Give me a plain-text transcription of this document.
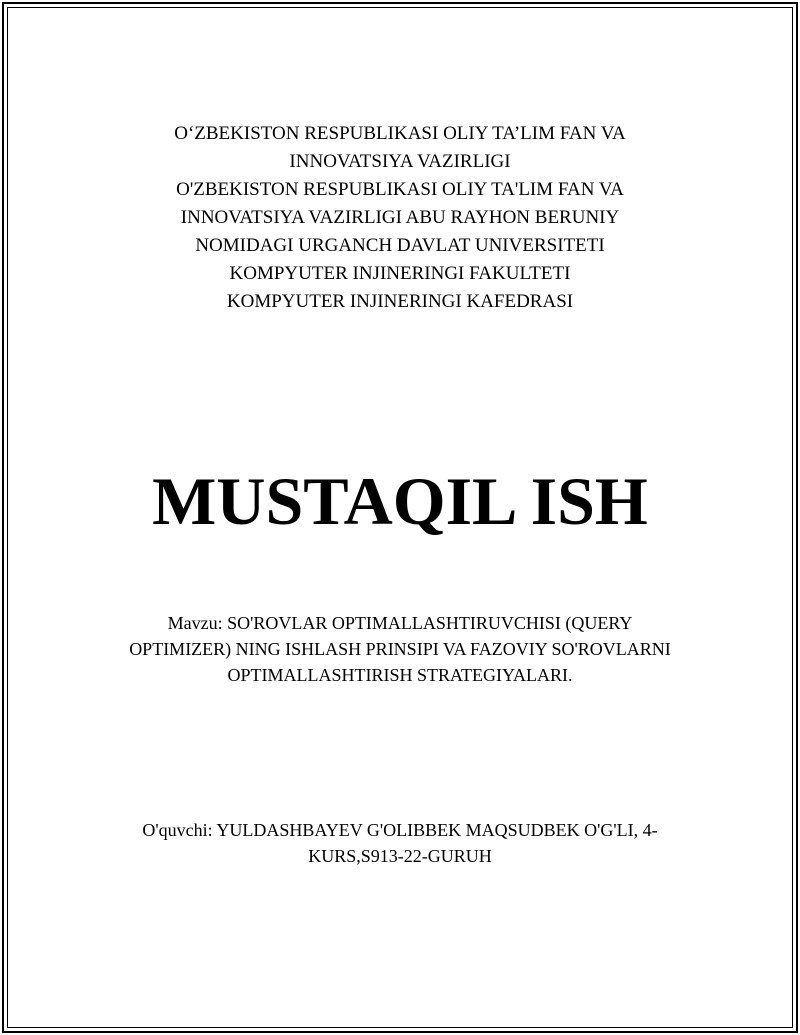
O‘ZBEKISTON RESPUBLIKASI OLIY TA’LIM FAN VA
INNOVATSIYA VAZIRLIGI
O'ZBEKISTON RESPUBLIKASI OLIY TA'LIM FAN VA
INNOVATSIYA VAZIRLIGI ABU RAYHON BERUNIY
NOMIDAGI URGANCH DAVLAT UNIVERSITETI
KOMPYUTER INJINERINGI FAKULTETI
KOMPYUTER INJINERINGI KAFEDRASI
MUSTAQIL ISH
Mavzu: SO'ROVLAR OPTIMALLASHTIRUVCHISI (QUERY
OPTIMIZER) NING ISHLASH PRINSIPI VA FAZOVIY SO'ROVLARNI
OPTIMALLASHTIRISH STRATEGIYALARI.
O'quvchi: YULDASHBAYEV G'OLIBBEK MAQSUDBEK O'G'LI, 4-
KURS,S913-22-GURUH
